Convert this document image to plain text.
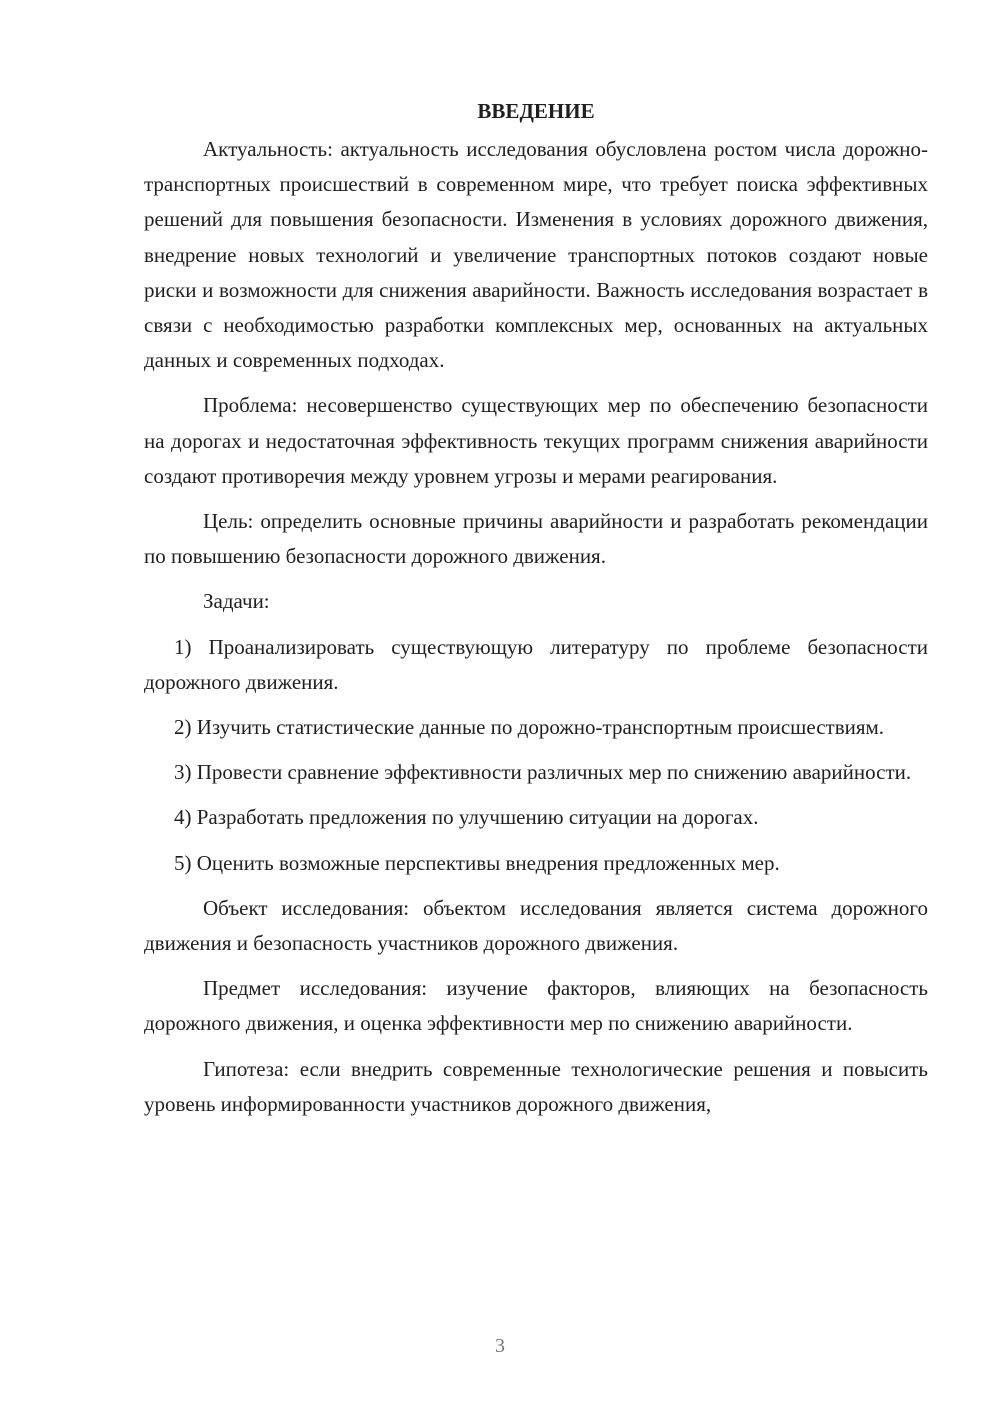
ВВЕДЕНИЕ

Актуальность: актуальность исследования обусловлена ростом числа дорожно-транспортных происшествий в современном мире, что требует поиска эффективных решений для повышения безопасности. Изменения в условиях дорожного движения, внедрение новых технологий и увеличение транспортных потоков создают новые риски и возможности для снижения аварийности. Важность исследования возрастает в связи с необходимостью разработки комплексных мер, основанных на актуальных данных и современных подходах.

Проблема: несовершенство существующих мер по обеспечению безопасности на дорогах и недостаточная эффективность текущих программ снижения аварийности создают противоречия между уровнем угрозы и мерами реагирования.

Цель: определить основные причины аварийности и разработать рекомендации по повышению безопасности дорожного движения.

Задачи:

1) Проанализировать существующую литературу по проблеме безопасности дорожного движения.

2) Изучить статистические данные по дорожно-транспортным происшествиям.

3) Провести сравнение эффективности различных мер по снижению аварийности.

4) Разработать предложения по улучшению ситуации на дорогах.

5) Оценить возможные перспективы внедрения предложенных мер.

Объект исследования: объектом исследования является система дорожного движения и безопасность участников дорожного движения.

Предмет исследования: изучение факторов, влияющих на безопасность дорожного движения, и оценка эффективности мер по снижению аварийности.

Гипотеза: если внедрить современные технологические решения и повысить уровень информированности участников дорожного движения,

3
